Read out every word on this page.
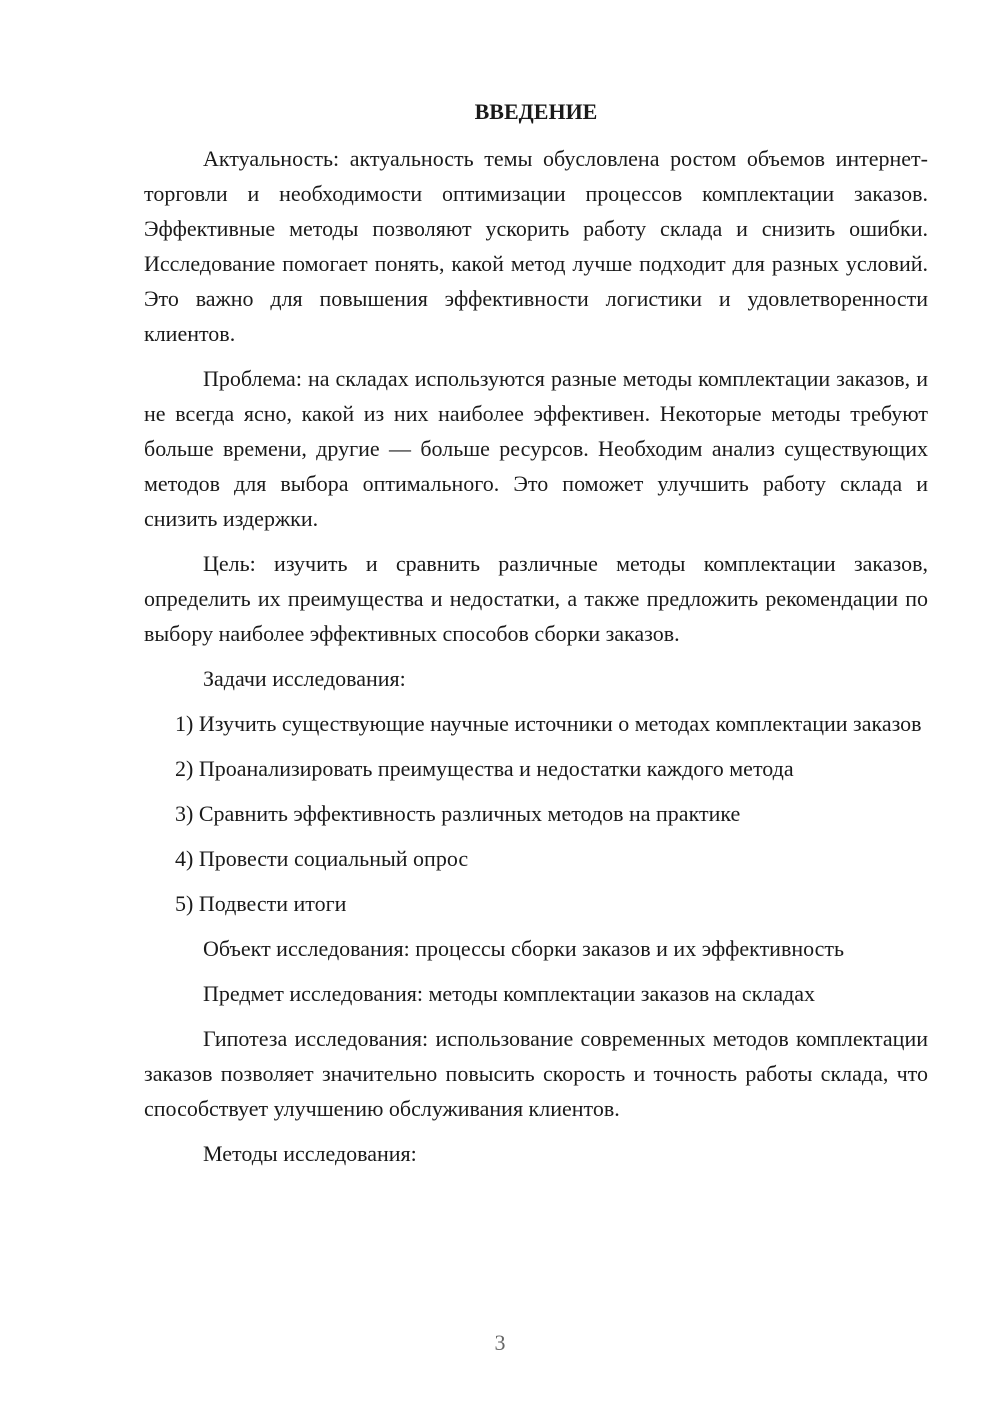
ВВЕДЕНИЕ

Актуальность: актуальность темы обусловлена ростом объемов интернет-торговли и необходимости оптимизации процессов комплектации заказов. Эффективные методы позволяют ускорить работу склада и снизить ошибки. Исследование помогает понять, какой метод лучше подходит для разных условий. Это важно для повышения эффективности логистики и удовлетворенности клиентов.

Проблема: на складах используются разные методы комплектации заказов, и не всегда ясно, какой из них наиболее эффективен. Некоторые методы требуют больше времени, другие — больше ресурсов. Необходим анализ существующих методов для выбора оптимального. Это поможет улучшить работу склада и снизить издержки.

Цель: изучить и сравнить различные методы комплектации заказов, определить их преимущества и недостатки, а также предложить рекомендации по выбору наиболее эффективных способов сборки заказов.

Задачи исследования:

1) Изучить существующие научные источники о методах комплектации заказов

2) Проанализировать преимущества и недостатки каждого метода

3) Сравнить эффективность различных методов на практике

4) Провести социальный опрос

5) Подвести итоги

Объект исследования: процессы сборки заказов и их эффективность

Предмет исследования: методы комплектации заказов на складах

Гипотеза исследования: использование современных методов комплектации заказов позволяет значительно повысить скорость и точность работы склада, что способствует улучшению обслуживания клиентов.

Методы исследования:

3
